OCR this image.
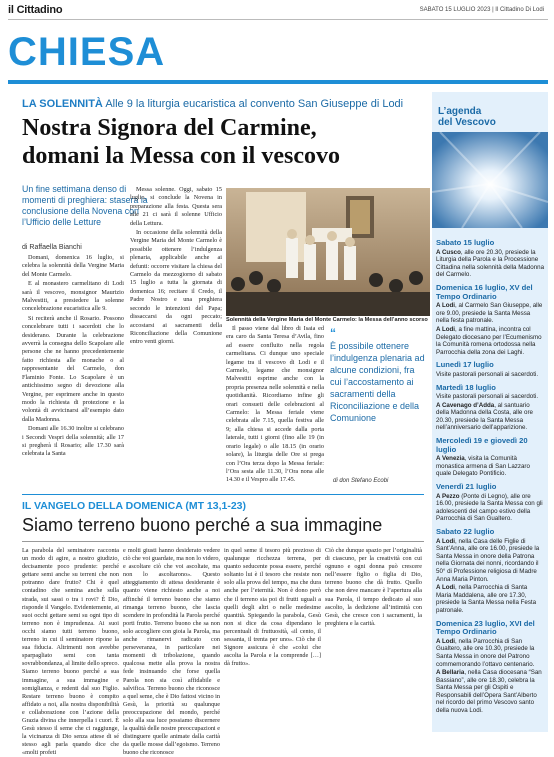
il Cittadino	SABATO 15 LUGLIO 2023 | Il Cittadino Di Lodi
CHIESA
LA SOLENNITÀ Alle 9 la liturgia eucaristica al convento San Giuseppe di Lodi
Nostra Signora del Carmine,
domani la Messa con il vescovo
Un fine settimana denso di momenti di preghiera: stasera la conclusione della Novena con l’Ufficio delle Letture
di Raffaella Bianchi

Domani, domenica 16 luglio, si celebra la solennità della Vergine Maria del Monte Carmelo.

E al monastero carmelitano di Lodi sarà il vescovo, monsignor Maurizio Malvestiti, a presiedere la solenne concelebrazione eucaristica alle 9.

Si reciterà anche il Rosario. Possono concelebrare tutti i sacerdoti che lo desiderano. Durante la celebrazione avverrà la consegna dello Scapolare alle persone che ne hanno precedentemente fatto richiesta alle monache o al rappresentante del Carmelo, don Flaminio Fonte. Lo Scapolare è un antichissimo segno di devozione alla Vergine, per esprimere anche in questo modo la richiesta di protezione e la volontà di avvicinarsi all’esempio dato dalla Madonna.

Domani alle 16.30 inoltre si celebrano i Secondi Vespri della solennità; alle 17 si pregherà il Rosario; alle 17.30 sarà celebrata la Santa

Messa solenne. Oggi, sabato 15 luglio, si conclude la Novena in preparazione alla festa. Questa sera alle 21 ci sarà il solenne Ufficio della Lettura.

In occasione della solennità della Vergine Maria del Monte Carmelo è possibile ottenere l’indulgenza plenaria, applicabile anche ai defunti: occorre visitare la chiesa del Carmelo da mezzogiorno di sabato 15 luglio a tutta la giornata di domenica 16; recitare il Credo, il Padre Nostro e una preghiera secondo le intenzioni del Papa; dissaccarsi da ogni peccato; accostarsi ai sacramenti della Riconciliazione della Comunione entro venti giorni.

Solennità della Vergine Maria del Monte Carmelo: la Messa dell’anno scorso

Il passo viene dal libro di Isaia ed era caro da Santa Teresa d’Avila, fino ad essere confluito nella regola carmelitana. Ci dunque uno speciale legame tra il vescovo di Lodi e il Carmelo, legame che monsignor Malvestiti esprime anche con la propria presenza nelle solennità e nella quotidianità. Ricordiamo infine gli orari consueti delle celebrazioni al Carmelo: la Messa feriale viene celebrata alle 7.15, quella festiva alle 9; alla chiesa si accede dalla porta laterale, tutti i giorni (fino alle 19 (in orario legale) o alle 18.15 (in orario solare), la liturgia delle Ore si prega con l’Ora terza dopo la Messa feriale: l’Ora sesta alle 11.30, l’Ora nona alle 14.30 e il Vespro alle 17.45.

“
È possibile ottenere l’indulgenza plenaria ad alcune condizioni, fra cui l’accostamento ai sacramenti della Riconciliazione e della Comunione
di don Stefano Ecobi
L’agenda
del Vescovo
Sabato 15 luglio
A Cusco, alle ore 20.30, presiede la Liturgia della Parola e la Processione Cittadina nella solennità della Madonna del Carmelo.
Domenica 16 luglio, XV del Tempo Ordinario
A Lodi, al Carmelo San Giuseppe, alle ore 9.00, presiede la Santa Messa nella festa patronale.
A Lodi, a fine mattina, incontra col Delegato diocesano per l’Ecumenismo la Comunità romena ortodossa nella Parrocchia della zona dei Laghi.
Lunedì 17 luglio
Visite pastorali personali ai sacerdoti.
Martedì 18 luglio
Visite pastorali personali ai sacerdoti.
A Cavenago d’Adda, al santuario della Madonna della Costa, alle ore 20.30, presiede la Santa Messa nell’anniversario dell’apparizione.
Mercoledì 19 e giovedì 20 luglio
A Venezia, visita la Comunità monastica armena di San Lazzaro quale Delegato Pontificio.
Venerdì 21 luglio
A Pezzo (Ponte di Legno), alle ore 16.00, presiede la Santa Messa con gli adolescenti del campo estivo della Parrocchia di San Gualtero.
Sabato 22 luglio
A Lodi, nella Casa delle Figlie di Sant’Anna, alle ore 16.00, presiede la Santa Messa in onore della Patrona nella Giornata dei nonni, ricordando il 50° di Professione religiosa di Madre Anna Maria Pinton.
A Lodi, nella Parrocchia di Santa Maria Maddalena, alle ore 17.30, presiede la Santa Messa nella Festa patronale.
Domenica 23 luglio, XVI del Tempo Ordinario
A Lodi, nella Parrocchia di San Gualtero, alle ore 10.30, presiede la Santa Messa in onore del Patrono commemorando l’ottavo centenario.
A Bellaria, nella Casa diocesana “San Bassiano”, alle ore 18.30, celebra la Santa Messa per gli Ospiti e Responsabili dell’Opera Sant’Alberto nel ricordo del primo Vescovo santo della nuova Lodi.
IL VANGELO DELLA DOMENICA (MT 13,1-23)
Siamo terreno buono perché a sua immagine
La parabola del seminatore racconta un modo di agire, a nostro giudizio, decisamente poco prudente: perché gettare semi anche su terreni che non potranno dare frutto? Chi è quel contadino che semina anche sulla strada, sui sassi o tra i rovi? È Dio, risponde il Vangelo. Evidentemente, ai suoi occhi gettare semi su ogni tipo di terreno non è imprudenza. Ai suoi occhi siamo tutti terreno buono, terreno in cui il seminatore ripone la sua fiducia. Altrimenti non avrebbe sparpagliato semi con tanta sovrabbondanza, al limite dello spreco. Siamo terreno buono perché a sua immagine, a sua immagine e somiglianza, e redenti dal suo Figlio. Restare terreno buono è compito affidato a noi, alla nostra disponibilità e collaborazione con l’azione della Grazia divina che innerpella i cuori. È Gesù stesso il seme che ci raggiunge, la vicinanza di Dio senza attese di sé stesso agli parla quando dice che «molti profeti
e molti giusti hanno desiderato vedere ciò che voi guardate, ma non lo videro, e ascoltare ciò che voi ascoltate, ma non lo ascoltarono». Questo atteggiamento di attesa desiderante è quanto viene richiesto anche a noi affinché il terreno buono che siamo rimanga terreno buono, che lascia scendere in profondità la Parola perché porti frutto. Terreno buono che sa non solo accogliere con gioia la Parola, ma anche rimanervi radicato con perseveranza, in particolare nei momenti di tribolazione, quando qualcosa mette alla prova la nostra fede insinuando che forse quella Parola non sia così affidabile e salvifica. Terreno buono che riconosce a quel seme, che è Dio fattosi vicino in Gesù, la priorità su qualunque preoccupazione del mondo, perché solo alla sua luce possiamo discernere la qualità delle nostre preoccupazioni e distinguere quelle animate dalla carità da quelle mosse dall’egoismo. Terreno buono che riconosce
in quel seme il tesoro più prezioso di qualunque ricchezza terrena, per quanto seducente possa essere, perché soltanto lui è il tesoro che resiste non solo alla prova del tempo, ma che dura anche per l’eternità. Non è dono però che il terreno sia poi di frutti uguali a quelli degli altri o nelle medesime quantità. Spiegando la parabola, Gesù non si dice da cosa dipendano le percentuali di fruttuosità, «il cento, il sessanta, il trenta per uno». Ciò che il Signore assicura è che «colui che ascolta la Parola e la comprende […] dà frutto».
Ciò che dunque spazio per l’originalità di ciascuno, per la creatività con cui ognuno e ogni donna può crescere nell’essere figlio o figlia di Dio, terreno buono che dà frutto. Quello che non deve mancare è l’apertura alla sua Parola, il tempo dedicato al suo ascolto, la dedizione all’intimità con Gesù, che cresce con i sacramenti, la preghiera e la carità.
